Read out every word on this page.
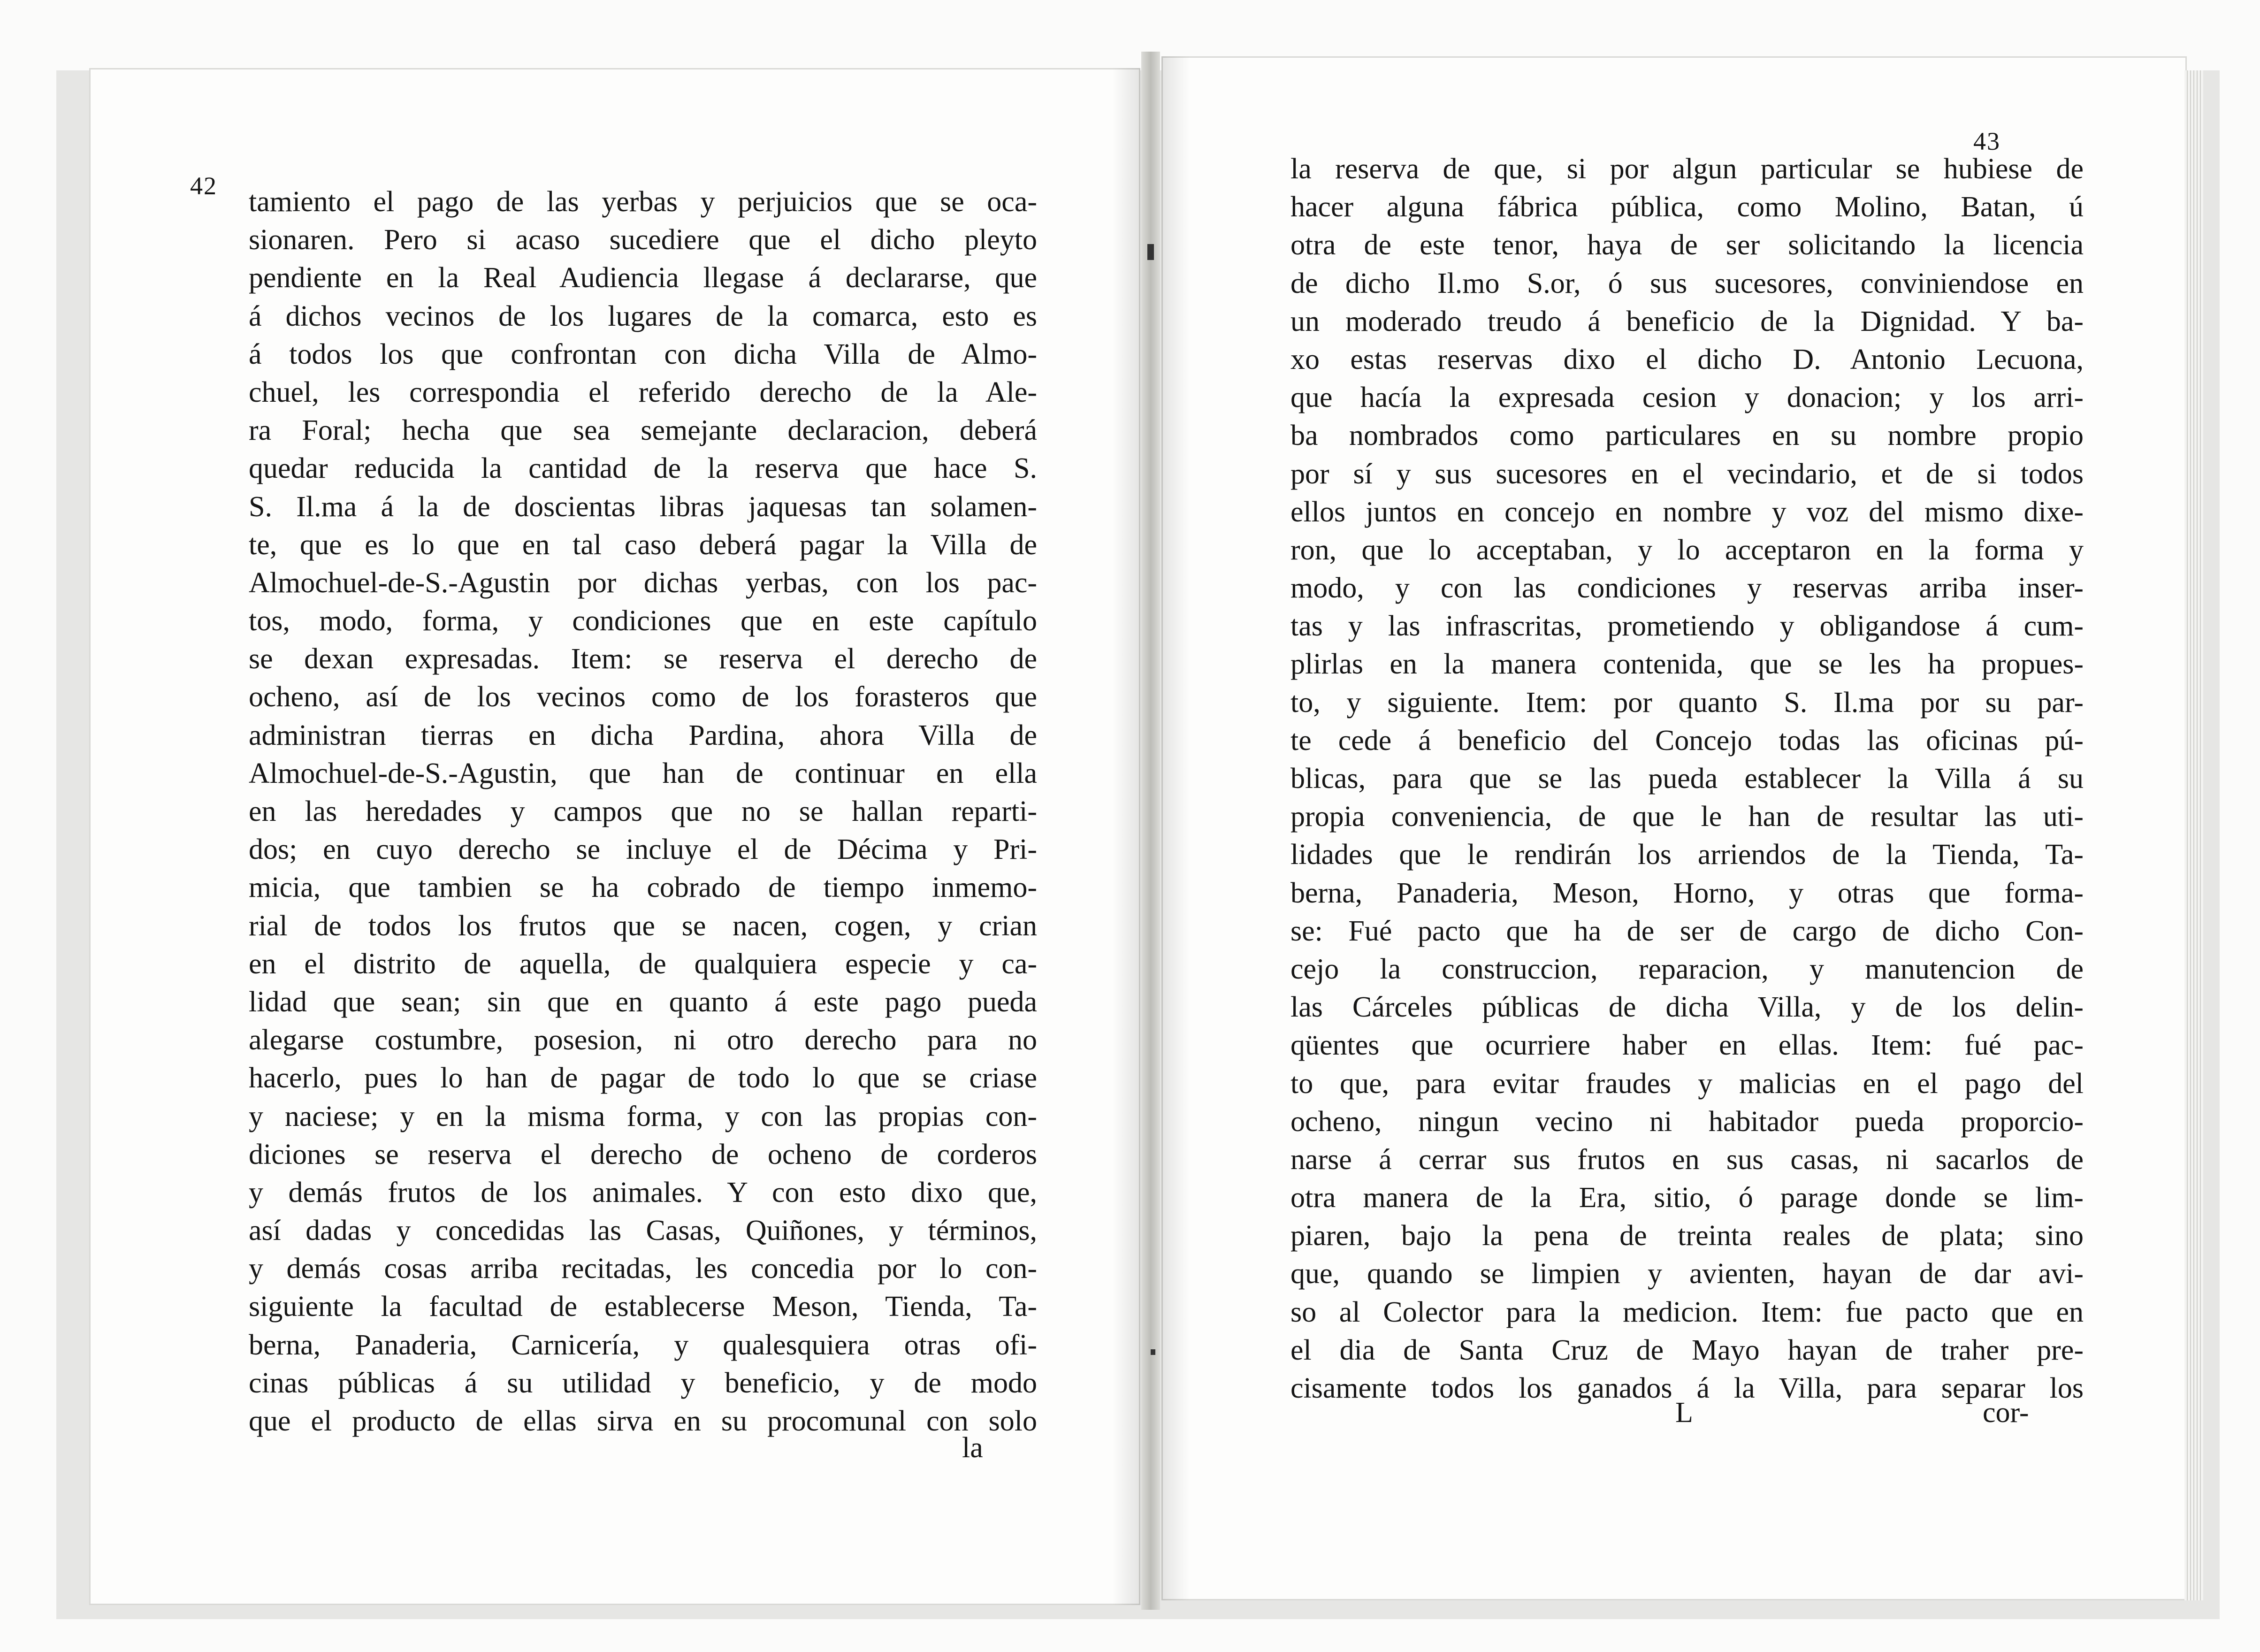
42
43
tamiento el pago de las yerbas y perjuicios que se oca-
sionaren. Pero si acaso sucediere que el dicho pleyto
pendiente en la Real Audiencia llegase á declararse, que
á dichos vecinos de los lugares de la comarca, esto es
á todos los que confrontan con dicha Villa de Almo-
chuel, les correspondia el referido derecho de la Ale-
ra Foral; hecha que sea semejante declaracion, deberá
quedar reducida la cantidad de la reserva que hace S.
S. Il.ma á la de doscientas libras jaquesas tan solamen-
te, que es lo que en tal caso deberá pagar la Villa de
Almochuel-de-S.-Agustin por dichas yerbas, con los pac-
tos, modo, forma, y condiciones que en este capítulo
se dexan expresadas. Item: se reserva el derecho de
ocheno, así de los vecinos como de los forasteros que
administran tierras en dicha Pardina, ahora Villa de
Almochuel-de-S.-Agustin, que han de continuar en ella
en las heredades y campos que no se hallan reparti-
dos; en cuyo derecho se incluye el de Décima y Pri-
micia, que tambien se ha cobrado de tiempo inmemo-
rial de todos los frutos que se nacen, cogen, y crian
en el distrito de aquella, de qualquiera especie y ca-
lidad que sean; sin que en quanto á este pago pueda
alegarse costumbre, posesion, ni otro derecho para no
hacerlo, pues lo han de pagar de todo lo que se criase
y naciese; y en la misma forma, y con las propias con-
diciones se reserva el derecho de ocheno de corderos
y demás frutos de los animales. Y con esto dixo que,
así dadas y concedidas las Casas, Quiñones, y términos,
y demás cosas arriba recitadas, les concedia por lo con-
siguiente la facultad de establecerse Meson, Tienda, Ta-
berna, Panaderia, Carnicería, y qualesquiera otras ofi-
cinas públicas á su utilidad y beneficio, y de modo
que el producto de ellas sirva en su procomunal con solo
la reserva de que, si por algun particular se hubiese de
hacer alguna fábrica pública, como Molino, Batan, ú
otra de este tenor, haya de ser solicitando la licencia
de dicho Il.mo S.or, ó sus sucesores, conviniendose en
un moderado treudo á beneficio de la Dignidad. Y ba-
xo estas reservas dixo el dicho D. Antonio Lecuona,
que hacía la expresada cesion y donacion; y los arri-
ba nombrados como particulares en su nombre propio
por sí y sus sucesores en el vecindario, et de si todos
ellos juntos en concejo en nombre y voz del mismo dixe-
ron, que lo acceptaban, y lo acceptaron en la forma y
modo, y con las condiciones y reservas arriba inser-
tas y las infrascritas, prometiendo y obligandose á cum-
plirlas en la manera contenida, que se les ha propues-
to, y siguiente. Item: por quanto S. Il.ma por su par-
te cede á beneficio del Concejo todas las oficinas pú-
blicas, para que se las pueda establecer la Villa á su
propia conveniencia, de que le han de resultar las uti-
lidades que le rendirán los arriendos de la Tienda, Ta-
berna, Panaderia, Meson, Horno, y otras que forma-
se: Fué pacto que ha de ser de cargo de dicho Con-
cejo la construccion, reparacion, y manutencion de
las Cárceles públicas de dicha Villa, y de los delin-
qüentes que ocurriere haber en ellas. Item: fué pac-
to que, para evitar fraudes y malicias en el pago del
ocheno, ningun vecino ni habitador pueda proporcio-
narse á cerrar sus frutos en sus casas, ni sacarlos de
otra manera de la Era, sitio, ó parage donde se lim-
piaren, bajo la pena de treinta reales de plata; sino
que, quando se limpien y avienten, hayan de dar avi-
so al Colector para la medicion. Item: fue pacto que en
el dia de Santa Cruz de Mayo hayan de traher pre-
cisamente todos los ganados á la Villa, para separar los
la
L	cor-
